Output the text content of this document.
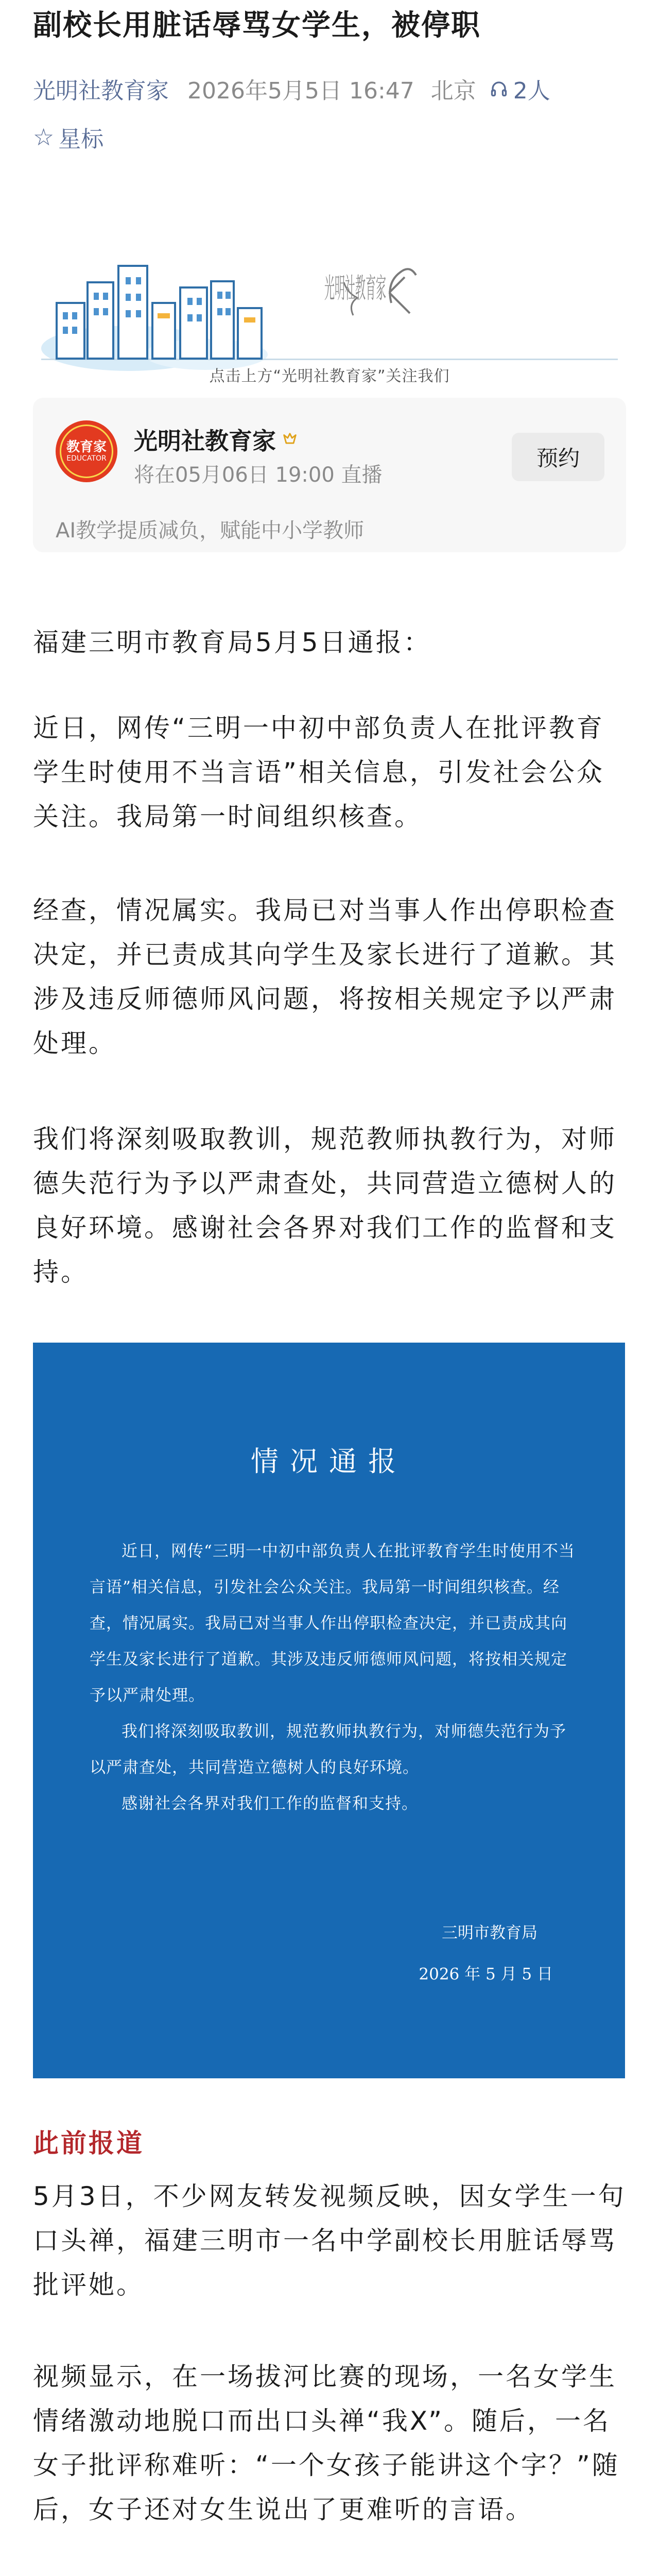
副校长用脏话辱骂女学生，被停职
光明社教育家 2026年5月5日 16:47 北京 2人
☆ 星标
光明社教育家
点击上方“光明社教育家”关注我们
教育家
EDUCATOR
光明社教育家
将在05月06日 19:00 直播
预约
AI教学提质减负，赋能中小学教师

福建三明市教育局5月5日通报：

近日，网传“三明一中初中部负责人在批评教育学生时使用不当言语”相关信息，引发社会公众关注。我局第一时间组织核查。

经查，情况属实。我局已对当事人作出停职检查决定，并已责成其向学生及家长进行了道歉。其涉及违反师德师风问题，将按相关规定予以严肃处理。

我们将深刻吸取教训，规范教师执教行为，对师德失范行为予以严肃查处，共同营造立德树人的良好环境。感谢社会各界对我们工作的监督和支持。

情况通报

近日，网传“三明一中初中部负责人在批评教育学生时使用不当言语”相关信息，引发社会公众关注。我局第一时间组织核查。经查，情况属实。我局已对当事人作出停职检查决定，并已责成其向学生及家长进行了道歉。其涉及违反师德师风问题，将按相关规定予以严肃处理。

我们将深刻吸取教训，规范教师执教行为，对师德失范行为予以严肃查处，共同营造立德树人的良好环境。

感谢社会各界对我们工作的监督和支持。

三明市教育局
2026 年 5 月 5 日
此前报道

5月3日，不少网友转发视频反映，因女学生一句口头禅，福建三明市一名中学副校长用脏话辱骂批评她。

视频显示，在一场拔河比赛的现场，一名女学生情绪激动地脱口而出口头禅“我X”。随后，一名女子批评称难听：“一个女孩子能讲这个字？”随后，女子还对女生说出了更难听的言语。
